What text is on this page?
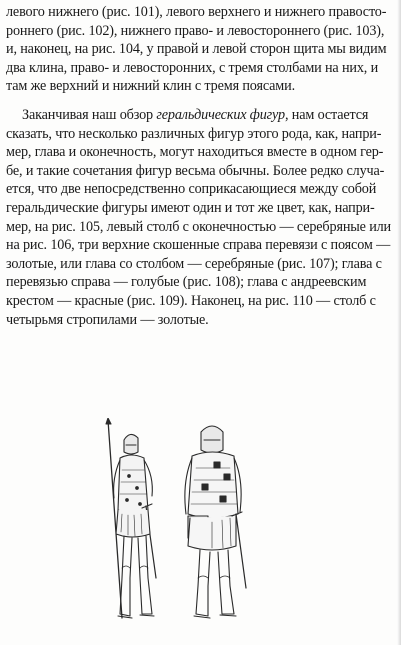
левого нижнего (рис. 101), левого верхнего и нижнего правосто-
роннего (рис. 102), нижнего право- и левостороннего (рис. 103),
и, наконец, на рис. 104, у правой и левой сторон щита мы видим
два клина, право- и левосторонних, с тремя столбами на них, и
там же верхний и нижний клин с тремя поясами.
Заканчивая наш обзор геральдических фигур, нам остается
сказать, что несколько различных фигур этого рода, как, напри-
мер, глава и оконечность, могут находиться вместе в одном гер-
бе, и такие сочетания фигур весьма обычны. Более редко случа-
ется, что две непосредственно соприкасающиеся между собой
геральдические фигуры имеют один и тот же цвет, как, напри-
мер, на рис. 105, левый столб с оконечностью — серебряные или
на рис. 106, три верхние скошенные справа перевязи с поясом —
золотые, или глава со столбом — серебряные (рис. 107); глава с
перевязью справа — голубые (рис. 108); глава с андреевским
крестом — красные (рис. 109). Наконец, на рис. 110 — столб с
четырьмя стропилами — золотые.
